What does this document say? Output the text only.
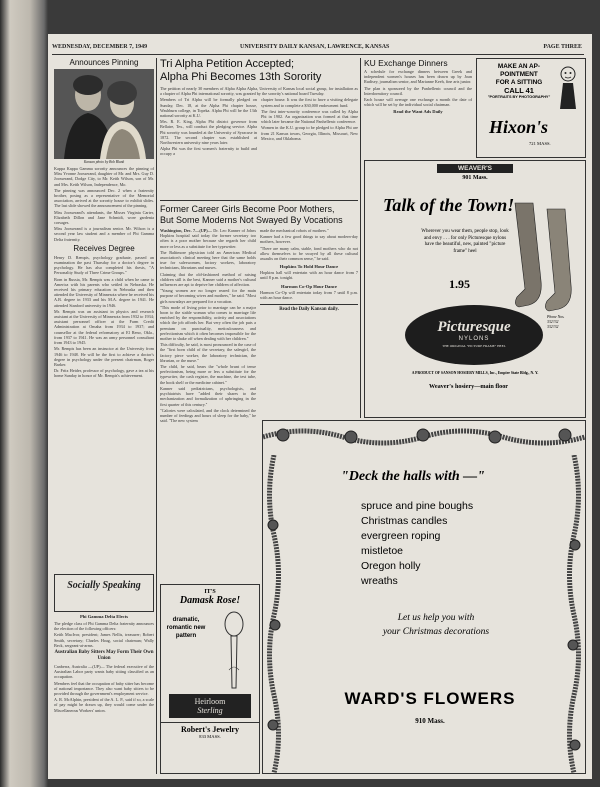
WEDNESDAY, DECEMBER 7, 1949	UNIVERSITY DAILY KANSAN, LAWRENCE, KANSAS	PAGE THREE
Announces Pinning
Kansan photo by Bob Blank

Kappa Kappa Gamma sorority announces the pinning of Miss Yvonne Joosserand, daughter of Mr. and Mrs. Guy D. Joosserand, Dodge City, to Mr. Keith Wilson, son of Mr. and Mrs. Keith Wilson, Independence, Mo.

The pinning was announced Dec. 2 when a fraternity brother, posing as a representative of the Memorial association, arrived at the sorority house to exhibit slides. The last slide showed the announcement of the pinning.

Miss Joosserand's attendants, the Misses Virginia Carter, Elizabeth Dillon and Jane Schmidt, wore gardenia corsages.

Miss Joosserand is a journalism senior. Mr. Wilson is a second year law student and a member of Phi Gamma Delta fraternity.

Receives Degree

Henry D. Rempis, psychology graduate, passed an examination the past Thursday for a doctor's degree in psychology. He has also completed his thesis, "A Personality Study of Three Crime Groups."

Born in Russia, Mr. Rempis was a child when he came to America with his parents who settled in Nebraska. He received his primary education in Nebraska and then attended the University of Minnesota where he received his A.B. degree in 1933 and his M.A. degree in 1941. He attended Stanford university in 1946.

Mr. Rempis was an assistant in physics and research assistant at the University of Minnesota from 1932 to 1934; assistant personnel officer at the Farm Credit Administration at Omaha from 1934 to 1937; and counsellor at the federal reformatory at El Reno, Okla., from 1937 to 1941. He was an army personnel consultant from 1943 to 1945.

Mr. Rempis has been an instructor at the University from 1946 to 1948. He will be the first to achieve a doctor's degree in psychology under the present chairman, Roger Barker.

Dr. Fritz Heider, professor of psychology, gave a tea at his home Sunday in honor of Mr. Rempis's achievement.

Socially Speaking
Phi Gamma Delta Elects

The pledge class of Phi Gamma Delta fraternity announces the election of the following officers:

Keith MacIvor, president; James Nellis, treasurer; Robert Smith, secretary; Charles Hoag, social chairman; Wally Beck, sergeant-at-arms.

Australian Baby Sitters May Form Their Own Union

Canberra, Australia —(UP)— The federal executive of the Australian Labor party wants baby sitting classified as an occupation.

Members feel that the occupation of baby sitter has become of national importance. They also want baby sitters to be provided through the government's employment service.

A. R. McAlphin, president of the A. L. P., said if so, a scale of pay might be drawn up, they would come under the Miscellaneous Workers' union.

Tri Alpha Petition Accepted;
Alpha Phi Becomes 13th Sorority

The petition of nearly 30 members of Alpha Alpha Alpha, University of Kansas local social group, for installation as a chapter of Alpha Phi international sorority, was granted by the sorority's national board Tuesday.

Members of Tri Alpha will be formally pledged on Sunday, Dec. 18, at the Alpha Phi chapter house, Washburn college, in Topeka. Alpha Phi will be the 13th national sorority at K.U.

Mrs. R. E. King, Alpha Phi district governor from Bellaire, Tex., will conduct the pledging service. Alpha Phi sorority was founded at the University of Syracuse in 1872. The second chapter was established at Northwestern university nine years later.

Alpha Phi was the first women's fraternity to build and occupy a

chapter house. It was the first to have a visiting delegate system and to complete a $30,000 endowment fund.

The first inter-sorority conference was called by Alpha Phi in 1902. An organization was formed at that time which later became the National Panhellenic conference.

Women in the K.U. group to be pledged to Alpha Phi are from 21 Kansas towns, Georgia, Illinois, Missouri, New Mexico, and Oklahoma.

Former Career Girls Become Poor Mothers,
But Some Moderns Not Swayed By Vocations

Washington, Dec. 7—(UP)— Dr. Leo Kanner of Johns Hopkins hospital said today the former secretary too often is a poor mother because she regards her child more or less as a substitute for her typewriter.

The Baltimore physician told an American Medical association's clinical meeting here that the same holds true for saleswomen, factory workers, laboratory technicians, librarians and nurses.

Claiming that the old-fashioned method of raising children still is the best, Kanner said a mother's cultural influences are apt to deprive her children of affection.

"Young women are no longer reared for the main purpose of becoming wives and mothers," he said. "Most girls nowadays are prepared for a vocation.

"This mode of living prior to marriage can be a major boon to the stable woman who comes to marriage life enriched by the responsibility, activity and associations which the job affords her. But very often the job puts a premium on punctuality, meticulousness and perfectionism which it often becomes impossible for the mother to shake off when dealing with her children."

This difficulty, he said, is most pronounced in the case of the "first born child of the secretary, the salesgirl, the factory piece worker, the laboratory technician, the librarian, or the nurse."

The child, he said, bears the "whole brunt of tense perfectionism, being more or less a substitute for the typewriter, the cash register, the machine, the test tube, the book shelf or the medicine cabinet."

Kanner said pediatricians, psychologists, and psychiatrists have "added their shares to the mechanization and formalization of upbringing in the first quarter of this century."

"Calories were calculated, and the clock determined the number of feedings and hours of sleep for the baby," he said. "The new system

made the mechanical robots of mothers."

Kanner had a few good things to say about modern-day mothers, however.

"There are many calm, stable, fond mothers who do not allow themselves to be swayed by all these cultural assaults on their common sense," he said.

Hopkins To Hold Hour Dance

Hopkins hall will entertain with an hour dance from 7 until 8 p.m. tonight.

Harmon Co-Op Hour Dance

Harmon Co-Op will entertain today from 7 until 8 p.m. with an hour dance.

Read the Daily Kansan daily.
IT'S
Damask Rose!
dramatic, romantic new pattern
Heirloom
Sterling
Robert's Jewelry
833 MASS.
KU Exchange Dinners

A schedule for exchange dinners between Greek and independent women's houses has been drawn up by Joan Rudisey, journalism senior, and Marianne Keeh, fine arts junior.

The plan is sponsored by the Panhellenic council and the Interdormitory council.

Each house will average one exchange a month the date of which will be set by the individual social chairman.

Read the Want Ads Daily
MAKE AN AP-
POINTMENT
FOR A SITTING
CALL 41
"PORTRAITS BY PHOTOGRAPHY"
Hixon's
721 MASS.
WEAVER'S
901 Mass.
Talk of the Town!
Wherever you wear them, people stop, look and envy . . . for only Picturesque nylons have the beautiful, new, painted "picture frame" heel
1.95
Picturesque
NYLONS
THE ORIGINAL "PICTURE FRAME" HEEL
Phone Nos.
332?32
332?32
A PRODUCT OF SANSON HOSIERY MILLS, Inc., Empire State Bldg., N. Y.
Weaver's hosiery—main floor
"Deck the halls with —"
spruce and pine boughs
Christmas candles
evergreen roping
mistletoe
Oregon holly
wreaths
Let us help you with
your Christmas decorations
WARD'S FLOWERS
910 Mass.
